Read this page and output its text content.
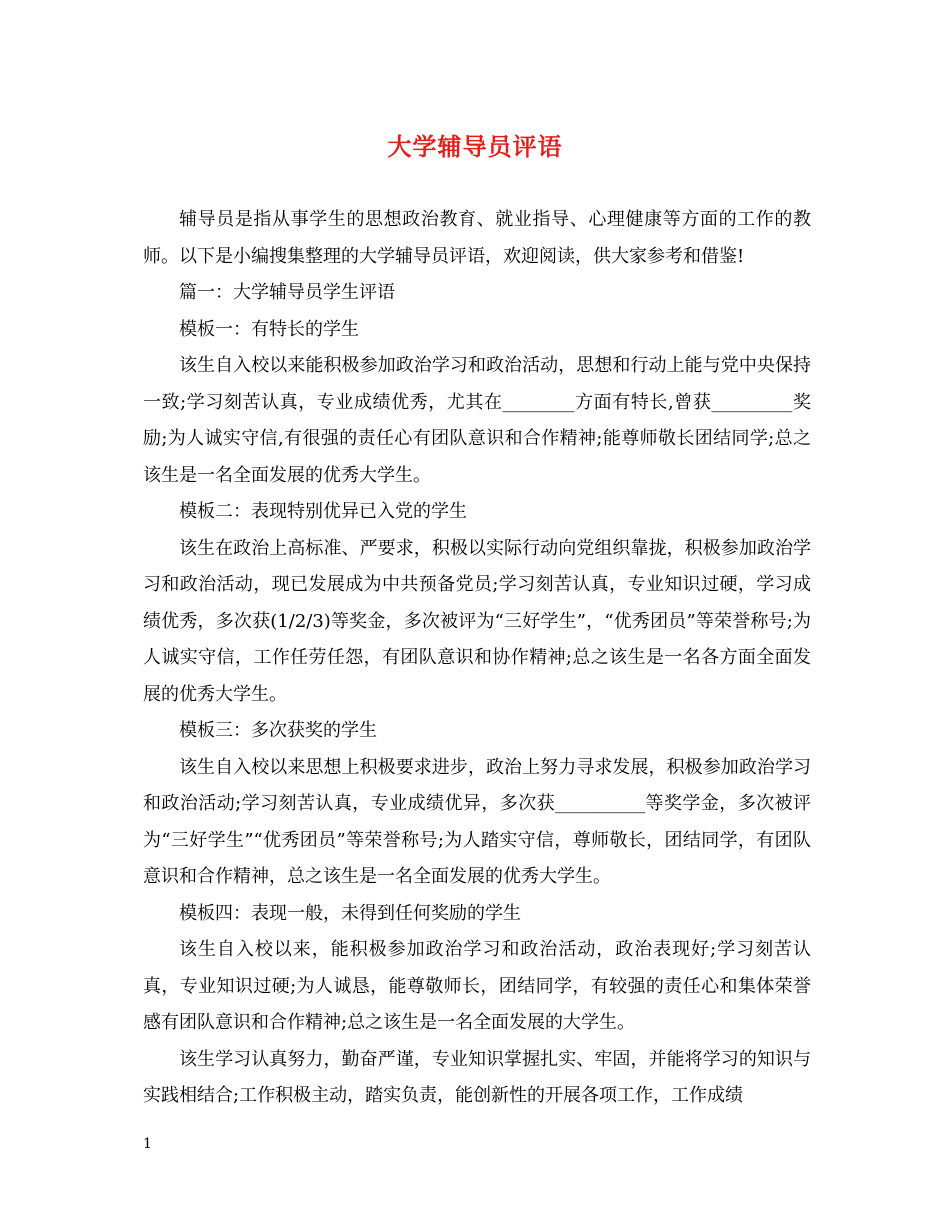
大学辅导员评语

辅导员是指从事学生的思想政治教育、就业指导、心理健康等方面的工作的教师。以下是小编搜集整理的大学辅导员评语，欢迎阅读，供大家参考和借鉴!

篇一：大学辅导员学生评语

模板一：有特长的学生

该生自入校以来能积极参加政治学习和政治活动，思想和行动上能与党中央保持一致;学习刻苦认真，专业成绩优秀，尤其在________方面有特长,曾获_________奖励;为人诚实守信,有很强的责任心有团队意识和合作精神;能尊师敬长团结同学;总之该生是一名全面发展的优秀大学生。

模板二：表现特别优异已入党的学生

该生在政治上高标准、严要求，积极以实际行动向党组织靠拢，积极参加政治学习和政治活动，现已发展成为中共预备党员;学习刻苦认真，专业知识过硬，学习成绩优秀，多次获(1/2/3)等奖金，多次被评为“三好学生”，“优秀团员”等荣誉称号;为人诚实守信，工作任劳任怨，有团队意识和协作精神;总之该生是一名各方面全面发展的优秀大学生。

模板三：多次获奖的学生

该生自入校以来思想上积极要求进步，政治上努力寻求发展，积极参加政治学习和政治活动;学习刻苦认真，专业成绩优异，多次获__________等奖学金，多次被评为“三好学生”“优秀团员”等荣誉称号;为人踏实守信，尊师敬长，团结同学，有团队意识和合作精神，总之该生是一名全面发展的优秀大学生。

模板四：表现一般，未得到任何奖励的学生

该生自入校以来，能积极参加政治学习和政治活动，政治表现好;学习刻苦认真，专业知识过硬;为人诚恳，能尊敬师长，团结同学，有较强的责任心和集体荣誉感有团队意识和合作精神;总之该生是一名全面发展的大学生。

该生学习认真努力，勤奋严谨，专业知识掌握扎实、牢固，并能将学习的知识与实践相结合;工作积极主动，踏实负责，能创新性的开展各项工作，工作成绩

1
